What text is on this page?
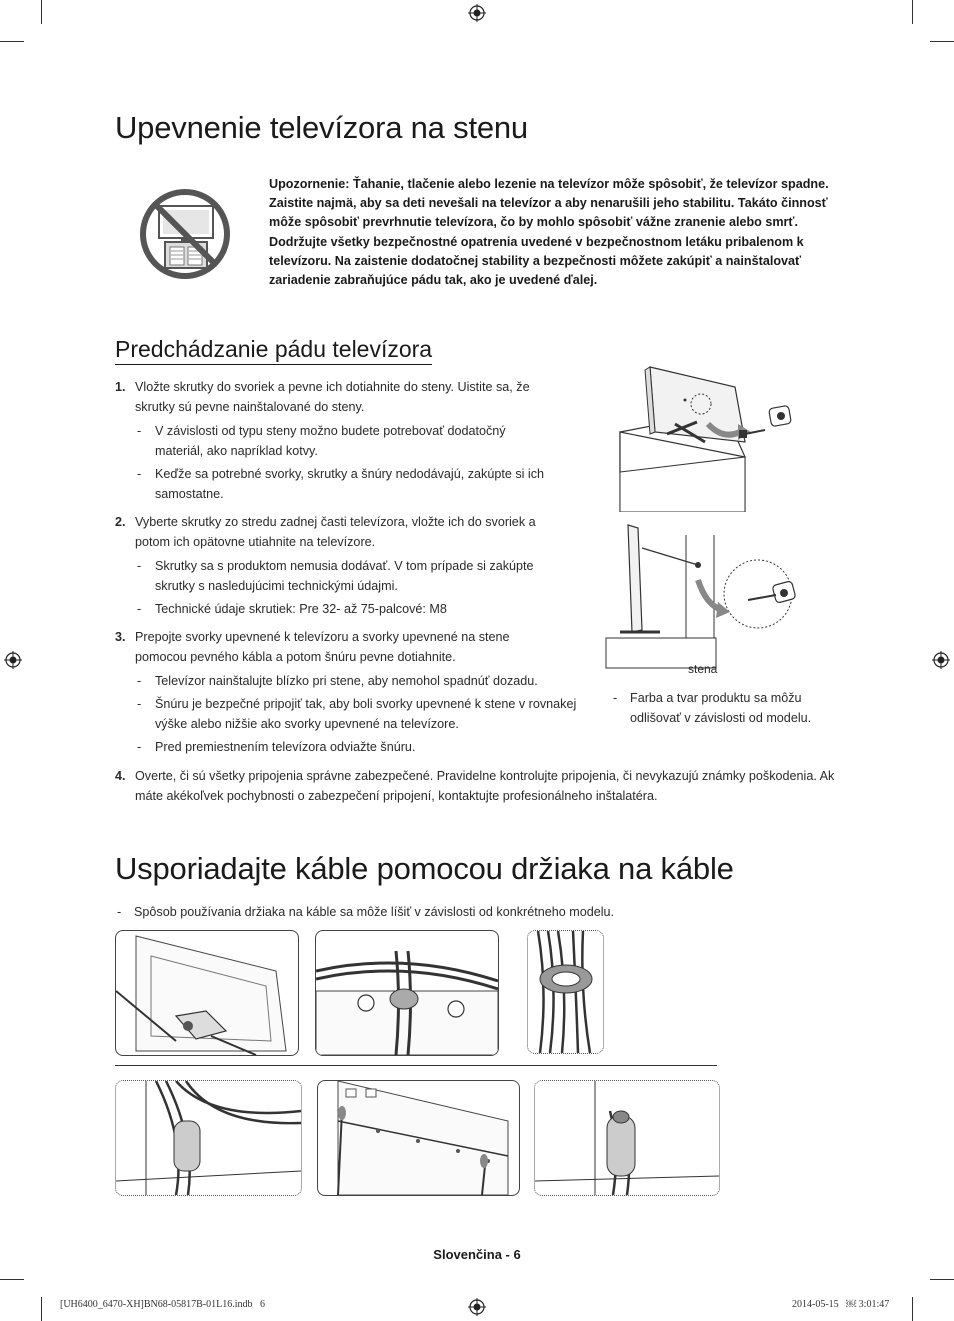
Upevnenie televízora na stenu
Upozornenie: Ťahanie, tlačenie alebo lezenie na televízor môže spôsobiť, že televízor spadne. Zaistite najmä, aby sa deti nevešali na televízor a aby nenarušili jeho stabilitu. Takáto činnosť môže spôsobiť prevrhnutie televízora, čo by mohlo spôsobiť vážne zranenie alebo smrť. Dodržujte všetky bezpečnostné opatrenia uvedené v bezpečnostnom letáku pribalenom k televízoru. Na zaistenie dodatočnej stability a bezpečnosti môžete zakúpiť a nainštalovať zariadenie zabraňujúce pádu tak, ako je uvedené ďalej.
Predchádzanie pádu televízora
1. Vložte skrutky do svoriek a pevne ich dotiahnite do steny. Uistite sa, že skrutky sú pevne nainštalované do steny.
- V závislosti od typu steny možno budete potrebovať dodatočný materiál, ako napríklad kotvy.
- Keďže sa potrebné svorky, skrutky a šnúry nedodávajú, zakúpte si ich samostatne.
2. Vyberte skrutky zo stredu zadnej časti televízora, vložte ich do svoriek a potom ich opätovne utiahnite na televízore.
- Skrutky sa s produktom nemusia dodávať. V tom prípade si zakúpte skrutky s nasledujúcimi technickými údajmi.
- Technické údaje skrutiek: Pre 32- až 75-palcové: M8
3. Prepojte svorky upevnené k televízoru a svorky upevnené na stene pomocou pevného kábla a potom šnúru pevne dotiahnite.
- Televízor nainštalujte blízko pri stene, aby nemohol spadnúť dozadu.
- Šnúru je bezpečné pripojiť tak, aby boli svorky upevnené k stene v rovnakej výške alebo nižšie ako svorky upevnené na televízore.
- Pred premiestnením televízora odviažte šnúru.
4. Overte, či sú všetky pripojenia správne zabezpečené. Pravidelne kontrolujte pripojenia, či nevykazujú známky poškodenia. Ak máte akékoľvek pochybnosti o zabezpečení pripojení, kontaktujte profesionálneho inštalatéra.
stena
- Farba a tvar produktu sa môžu odlišovať v závislosti od modelu.
Usporiadajte káble pomocou držiaka na káble
- Spôsob používania držiaka na káble sa môže líšiť v závislosti od konkrétneho modelu.
Slovenčina - 6
[UH6400_6470-XH]BN68-05817B-01L16.indb   6	2014-05-15   ￼ 3:01:47
